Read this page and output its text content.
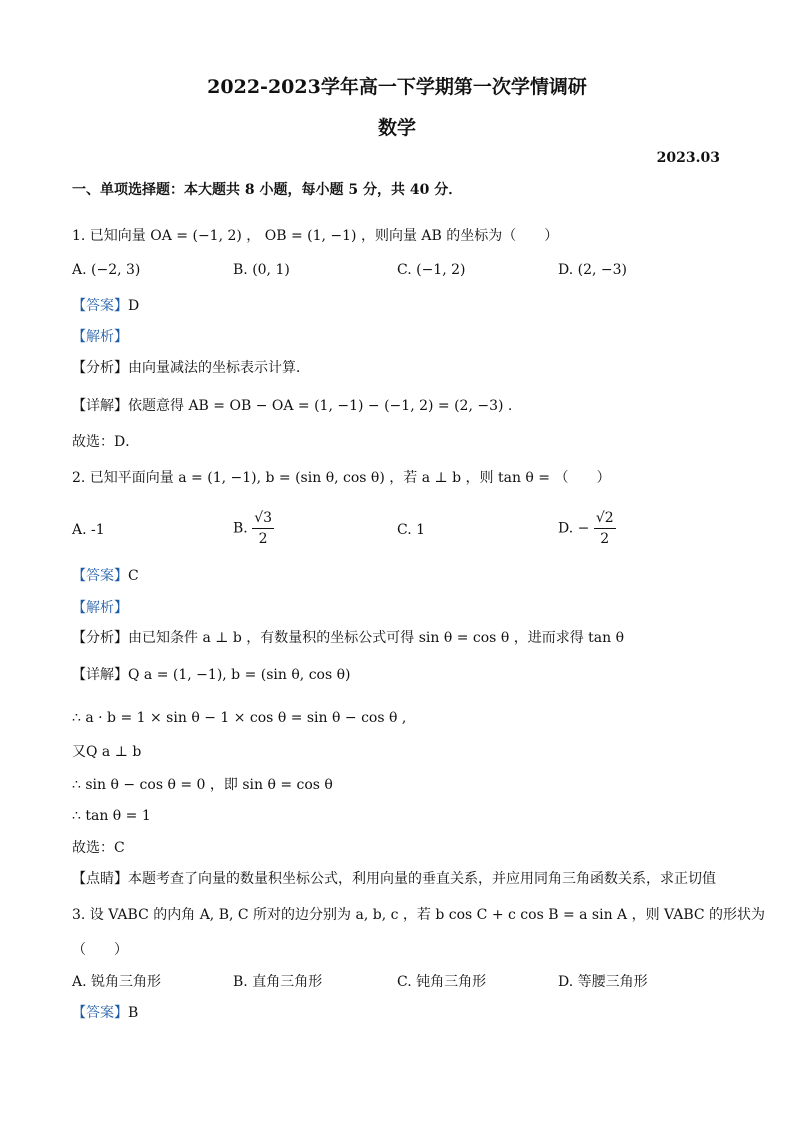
2022-2023学年高一下学期第一次学情调研
数学
2023.03
一、单项选择题：本大题共 8 小题，每小题 5 分，共 40 分．
1. 已知向量 OA = (−1, 2) ， OB = (1, −1) ，则向量 AB 的坐标为（　　）
A. (−2, 3)	B. (0, 1)	C. (−1, 2)	D. (2, −3)
【答案】D
【解析】
【分析】由向量减法的坐标表示计算．
【详解】依题意得 AB = OB − OA = (1, −1) − (−1, 2) = (2, −3) .
故选：D．
2. 已知平面向量 a = (1, −1), b = (sin θ, cos θ) ，若 a ⊥ b ，则 tan θ = （　　）
A. -1	B. $\frac{√3}{2}$	C. 1	D. − $\frac{√2}{2}$
【答案】C
【解析】
【分析】由已知条件 a ⊥ b ，有数量积的坐标公式可得 sin θ = cos θ ，进而求得 tan θ
【详解】Q a = (1, −1), b = (sin θ, cos θ)
∴ a · b = 1 × sin θ − 1 × cos θ = sin θ − cos θ ,
又Q a ⊥ b
∴ sin θ − cos θ = 0 ，即 sin θ = cos θ
∴ tan θ = 1
故选：C
【点睛】本题考查了向量的数量积坐标公式，利用向量的垂直关系，并应用同角三角函数关系，求正切值
3. 设 VABC 的内角 A, B, C 所对的边分别为 a, b, c ，若 b cos C + c cos B = a sin A ，则 VABC 的形状为
（　　）
A. 锐角三角形	B. 直角三角形	C. 钝角三角形	D. 等腰三角形
【答案】B
